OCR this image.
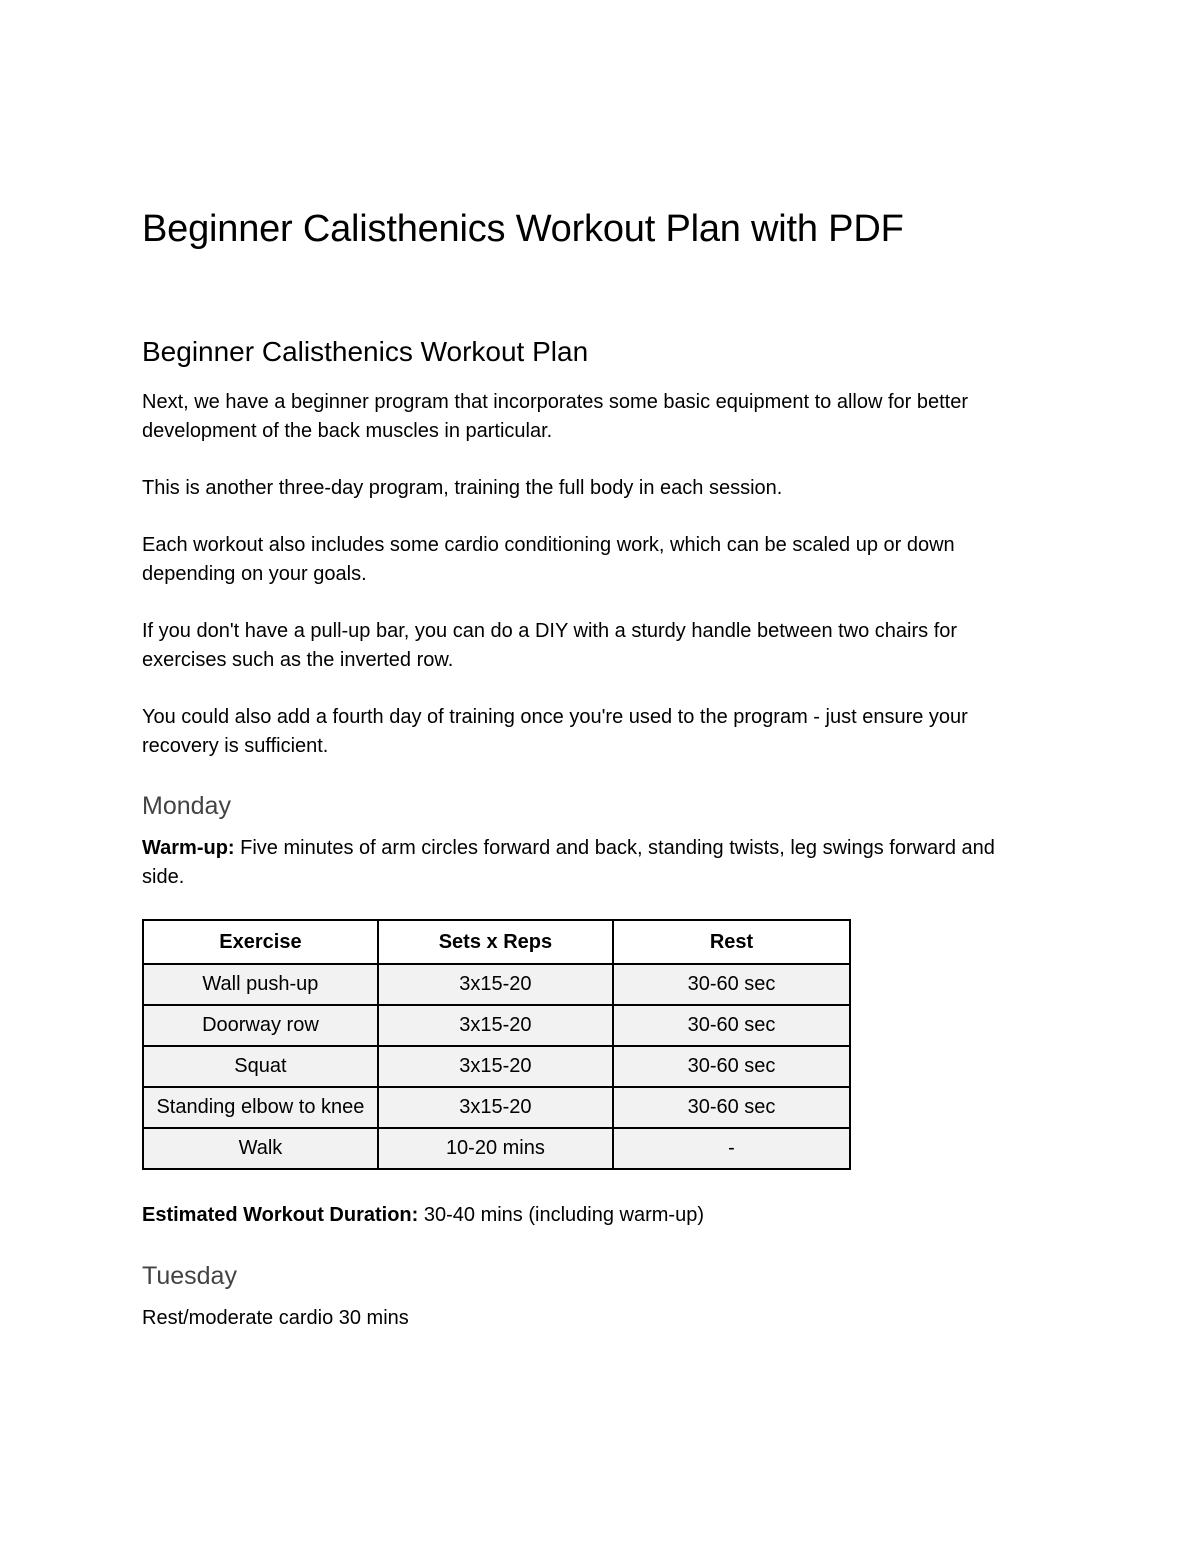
Beginner Calisthenics Workout Plan with PDF
Beginner Calisthenics Workout Plan

Next, we have a beginner program that incorporates some basic equipment to allow for better development of the back muscles in particular.

This is another three-day program, training the full body in each session.

Each workout also includes some cardio conditioning work, which can be scaled up or down depending on your goals.

If you don't have a pull-up bar, you can do a DIY with a sturdy handle between two chairs for exercises such as the inverted row.

You could also add a fourth day of training once you're used to the program - just ensure your recovery is sufficient.

Monday

Warm-up: Five minutes of arm circles forward and back, standing twists, leg swings forward and side.

Exercise	Sets x Reps	Rest
Wall push-up	3x15-20	30-60 sec
Doorway row	3x15-20	30-60 sec
Squat	3x15-20	30-60 sec
Standing elbow to knee	3x15-20	30-60 sec
Walk	10-20 mins	-

Estimated Workout Duration: 30-40 mins (including warm-up)

Tuesday

Rest/moderate cardio 30 mins
